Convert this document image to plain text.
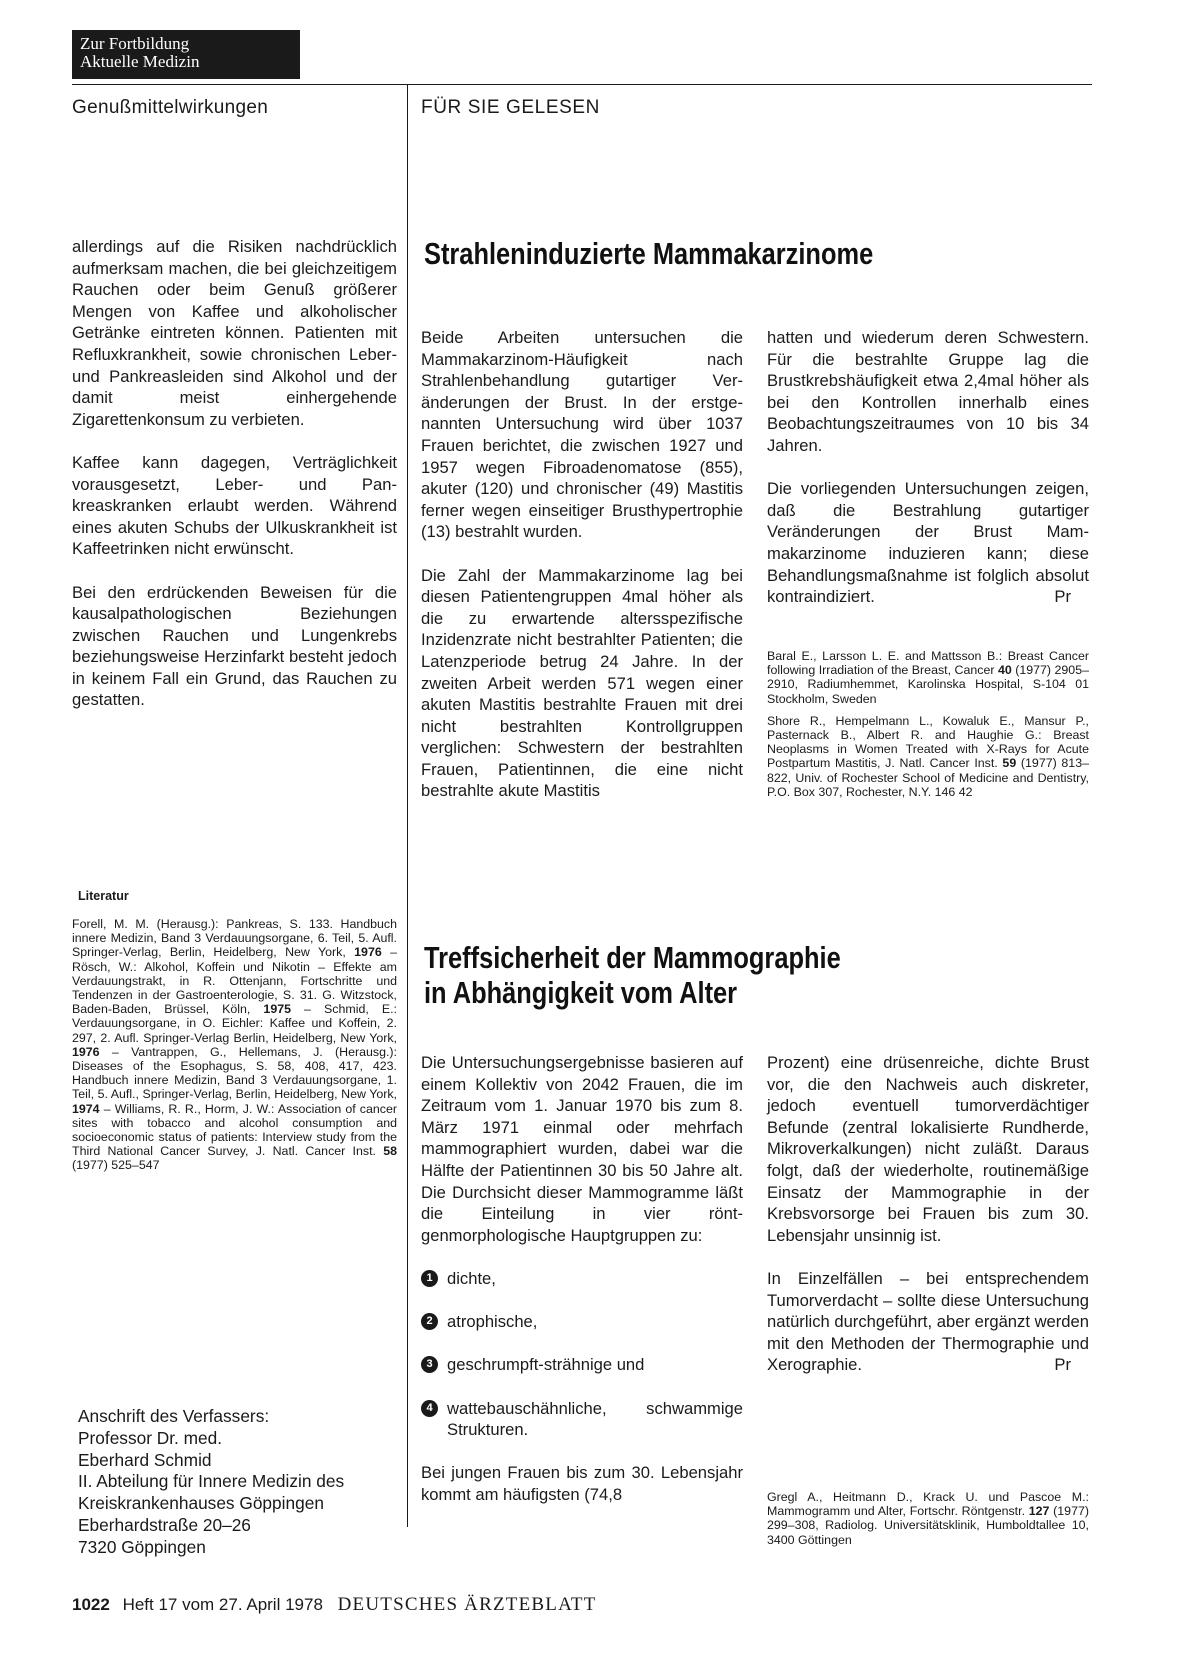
Zur Fortbildung
Aktuelle Medizin
Genußmittelwirkungen	FÜR SIE GELESEN

allerdings auf die Risiken nachdrücklich aufmerksam machen, die bei gleichzeitigem Rauchen oder beim Genuß größerer Mengen von Kaffee und alkoholischer Getränke eintreten können. Patienten mit Refluxkrankheit, sowie chronischen Leber- und Pankreasleiden sind Alkohol und der damit meist einhergehende Zigarettenkonsum zu verbieten.

Kaffee kann dagegen, Verträglichkeit vorausgesetzt, Leber- und Pankreaskranken erlaubt werden. Während eines akuten Schubs der Ulkuskrankheit ist Kaffeetrinken nicht erwünscht.

Bei den erdrückenden Beweisen für die kausalpathologischen Beziehungen zwischen Rauchen und Lungenkrebs beziehungsweise Herzinfarkt besteht jedoch in keinem Fall ein Grund, das Rauchen zu gestatten.

Literatur
Forell, M. M. (Herausg.): Pankreas, S. 133. Handbuch innere Medizin, Band 3 Verdauungsorgane, 6. Teil, 5. Aufl. Springer-Verlag, Berlin, Heidelberg, New York, 1976 – Rösch, W.: Alkohol, Koffein und Nikotin – Effekte am Verdauungstrakt, in R. Ottenjann, Fortschritte und Tendenzen in der Gastroenterologie, S. 31. G. Witzstock, Baden-Baden, Brüssel, Köln, 1975 – Schmid, E.: Verdauungsorgane, in O. Eichler: Kaffee und Koffein, 2. 297, 2. Aufl. Springer-Verlag Berlin, Heidelberg, New York, 1976 – Vantrappen, G., Hellemans, J. (Herausg.): Diseases of the Esophagus, S. 58, 408, 417, 423. Handbuch innere Medizin, Band 3 Verdauungsorgane, 1. Teil, 5. Aufl., Springer-Verlag, Berlin, Heidelberg, New York, 1974 – Williams, R. R., Horm, J. W.: Association of cancer sites with tobacco and alcohol consumption and socioeconomic status of patients: Interview study from the Third National Cancer Survey, J. Natl. Cancer Inst. 58 (1977) 525–547
Anschrift des Verfassers:
Professor Dr. med.
Eberhard Schmid
II. Abteilung für Innere Medizin des
Kreiskrankenhauses Göppingen
Eberhardstraße 20–26
7320 Göppingen
Strahleninduzierte Mammakarzinome

Beide Arbeiten untersuchen die Mammakarzinom-Häufigkeit nach Strahlenbehandlung gutartiger Veränderungen der Brust. In der erstgenannten Untersuchung wird über 1037 Frauen berichtet, die zwischen 1927 und 1957 wegen Fibroadenomatose (855), akuter (120) und chronischer (49) Mastitis ferner wegen einseitiger Brusthypertrophie (13) bestrahlt wurden.

Die Zahl der Mammakarzinome lag bei diesen Patientengruppen 4mal höher als die zu erwartende altersspezifische Inzidenzrate nicht bestrahlter Patienten; die Latenzperiode betrug 24 Jahre. In der zweiten Arbeit werden 571 wegen einer akuten Mastitis bestrahlte Frauen mit drei nicht bestrahlten Kontrollgruppen verglichen: Schwestern der bestrahlten Frauen, Patientinnen, die eine nicht bestrahlte akute Mastitis

hatten und wiederum deren Schwestern. Für die bestrahlte Gruppe lag die Brustkrebshäufigkeit etwa 2,4mal höher als bei den Kontrollen innerhalb eines Beobachtungszeitraumes von 10 bis 34 Jahren.

Die vorliegenden Untersuchungen zeigen, daß die Bestrahlung gutartiger Veränderungen der Brust Mammakarzinome induzieren kann; diese Behandlungsmaßnahme ist folglich absolut kontraindiziert.	Pr

Baral E., Larsson L. E. and Mattsson B.: Breast Cancer following Irradiation of the Breast, Cancer 40 (1977) 2905–2910, Radiumhemmet, Karolinska Hospital, S-104 01 Stockholm, Sweden

Shore R., Hempelmann L., Kowaluk E., Mansur P., Pasternack B., Albert R. and Haughie G.: Breast Neoplasms in Women Treated with X-Rays for Acute Postpartum Mastitis, J. Natl. Cancer Inst. 59 (1977) 813–822, Univ. of Rochester School of Medicine and Dentistry, P.O. Box 307, Rochester, N.Y. 146 42

Treffsicherheit der Mammographie
in Abhängigkeit vom Alter

Die Untersuchungsergebnisse basieren auf einem Kollektiv von 2042 Frauen, die im Zeitraum vom 1. Januar 1970 bis zum 8. März 1971 einmal oder mehrfach mammographiert wurden, dabei war die Hälfte der Patientinnen 30 bis 50 Jahre alt. Die Durchsicht dieser Mammogramme läßt die Einteilung in vier röntgenmorphologische Hauptgruppen zu:

1 dichte,
2 atrophische,
3 geschrumpft-strähnige und
4 wattebauschähnliche, schwammige Strukturen.

Bei jungen Frauen bis zum 30. Lebensjahr kommt am häufigsten (74,8

Prozent) eine drüsenreiche, dichte Brust vor, die den Nachweis auch diskreter, jedoch eventuell tumorverdächtiger Befunde (zentral lokalisierte Rundherde, Mikroverkalkungen) nicht zuläßt. Daraus folgt, daß der wiederholte, routinemäßige Einsatz der Mammographie in der Krebsvorsorge bei Frauen bis zum 30. Lebensjahr unsinnig ist.

In Einzelfällen – bei entsprechendem Tumorverdacht – sollte diese Untersuchung natürlich durchgeführt, aber ergänzt werden mit den Methoden der Thermographie und Xerographie.	Pr

Gregl A., Heitmann D., Krack U. und Pascoe M.: Mammogramm und Alter, Fortschr. Röntgenstr. 127 (1977) 299–308, Radiolog. Universitätsklinik, Humboldtallee 10, 3400 Göttingen

1022 Heft 17 vom 27. April 1978 DEUTSCHES ÄRZTEBLATT
